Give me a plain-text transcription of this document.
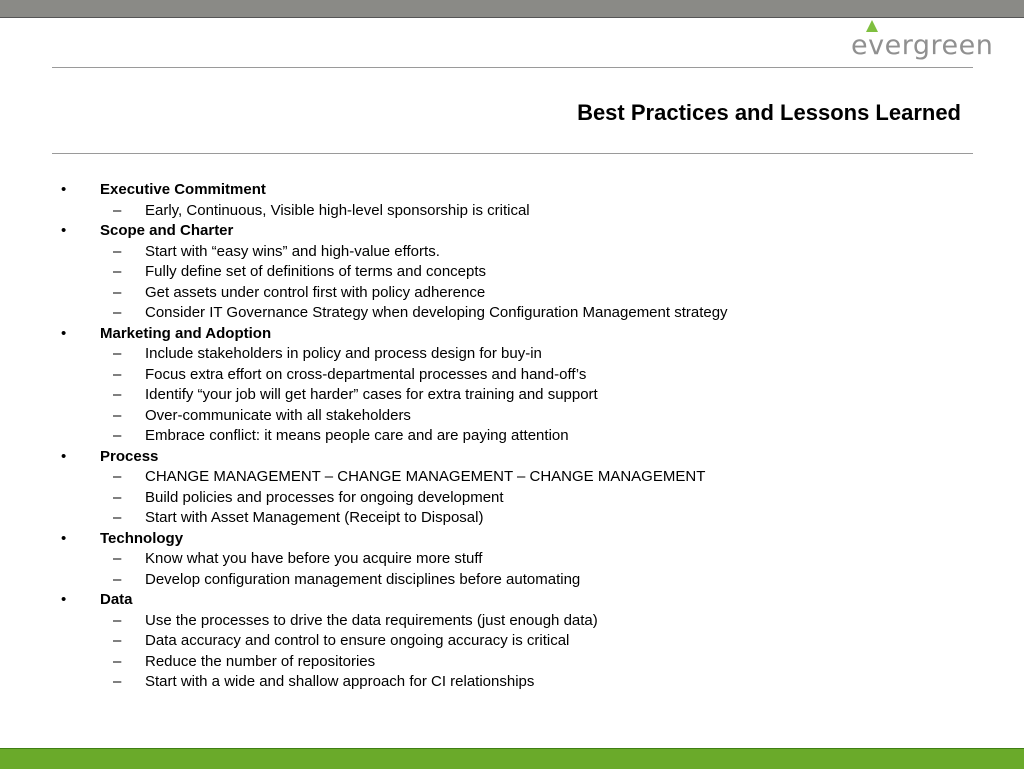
evergreen
Best Practices and Lessons Learned
•	Executive Commitment
–	Early, Continuous, Visible high-level sponsorship is critical
•	Scope and Charter
–	Start with “easy wins” and high-value efforts.
–	Fully define set of definitions of terms and concepts
–	Get assets under control first with policy adherence
–	Consider IT Governance Strategy when developing Configuration Management strategy
•	Marketing and Adoption
–	Include stakeholders in policy and process design for buy-in
–	Focus extra effort on cross-departmental processes and hand-off’s
–	Identify “your job will get harder” cases for extra training and support
–	Over-communicate with all stakeholders
–	Embrace conflict: it means people care and are paying attention
•	Process
–	CHANGE MANAGEMENT – CHANGE MANAGEMENT – CHANGE MANAGEMENT
–	Build policies and processes for ongoing development
–	Start with Asset Management (Receipt to Disposal)
•	Technology
–	Know what you have before you acquire more stuff
–	Develop configuration management disciplines before automating
•	Data
–	Use the processes to drive the data requirements (just enough data)
–	Data accuracy and control to ensure ongoing accuracy is critical
–	Reduce the number of repositories
–	Start with a wide and shallow approach for CI relationships
